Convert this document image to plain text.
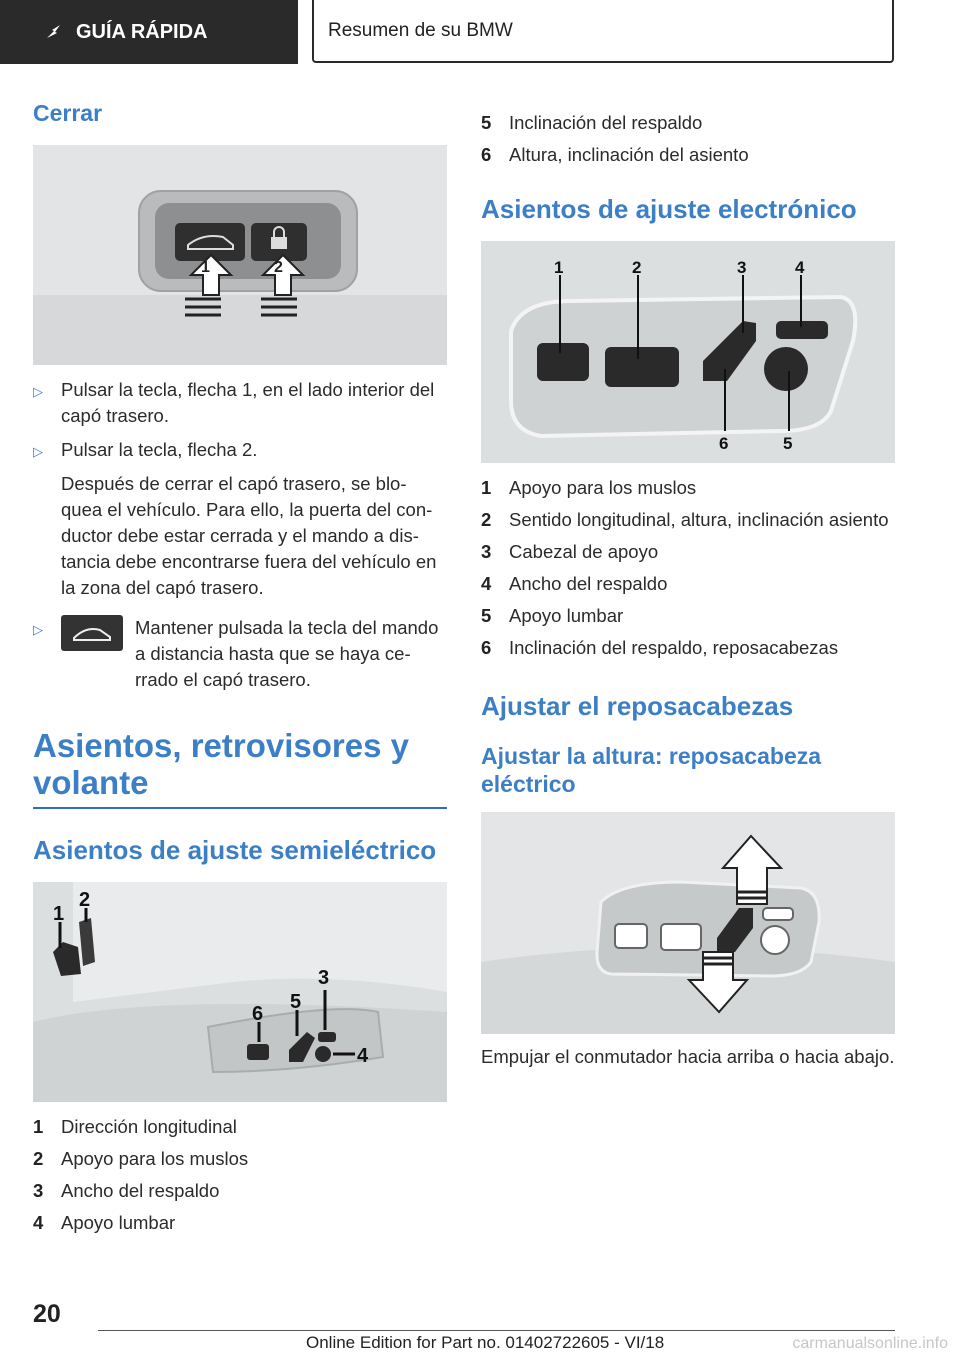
GUÍA RÁPIDA	Resumen de su BMW
Cerrar
1	2
▷ Pulsar la tecla, flecha 1, en el lado interior del capó trasero.
▷ Pulsar la tecla, flecha 2.
Después de cerrar el capó trasero, se blo-quea el vehículo. Para ello, la puerta del con-ductor debe estar cerrada y el mando a dis-tancia debe encontrarse fuera del vehículo en la zona del capó trasero.
▷	Mantener pulsada la tecla del mando a distancia hasta que se haya ce-rrado el capó trasero.
Asientos, retrovisores y volante
Asientos de ajuste semieléctrico
1
2
3
4
5
6
1 Dirección longitudinal
2 Apoyo para los muslos
3 Ancho del respaldo
4 Apoyo lumbar
5 Inclinación del respaldo
6 Altura, inclinación del asiento
Asientos de ajuste electrónico
1	2	3	4
6	5
1 Apoyo para los muslos
2 Sentido longitudinal, altura, inclinación asiento
3 Cabezal de apoyo
4 Ancho del respaldo
5 Apoyo lumbar
6 Inclinación del respaldo, reposacabezas
Ajustar el reposacabezas
Ajustar la altura: reposacabeza eléctrico

Empujar el conmutador hacia arriba o hacia abajo.

20
Online Edition for Part no. 01402722605 - VI/18	carmanualsonline.info
